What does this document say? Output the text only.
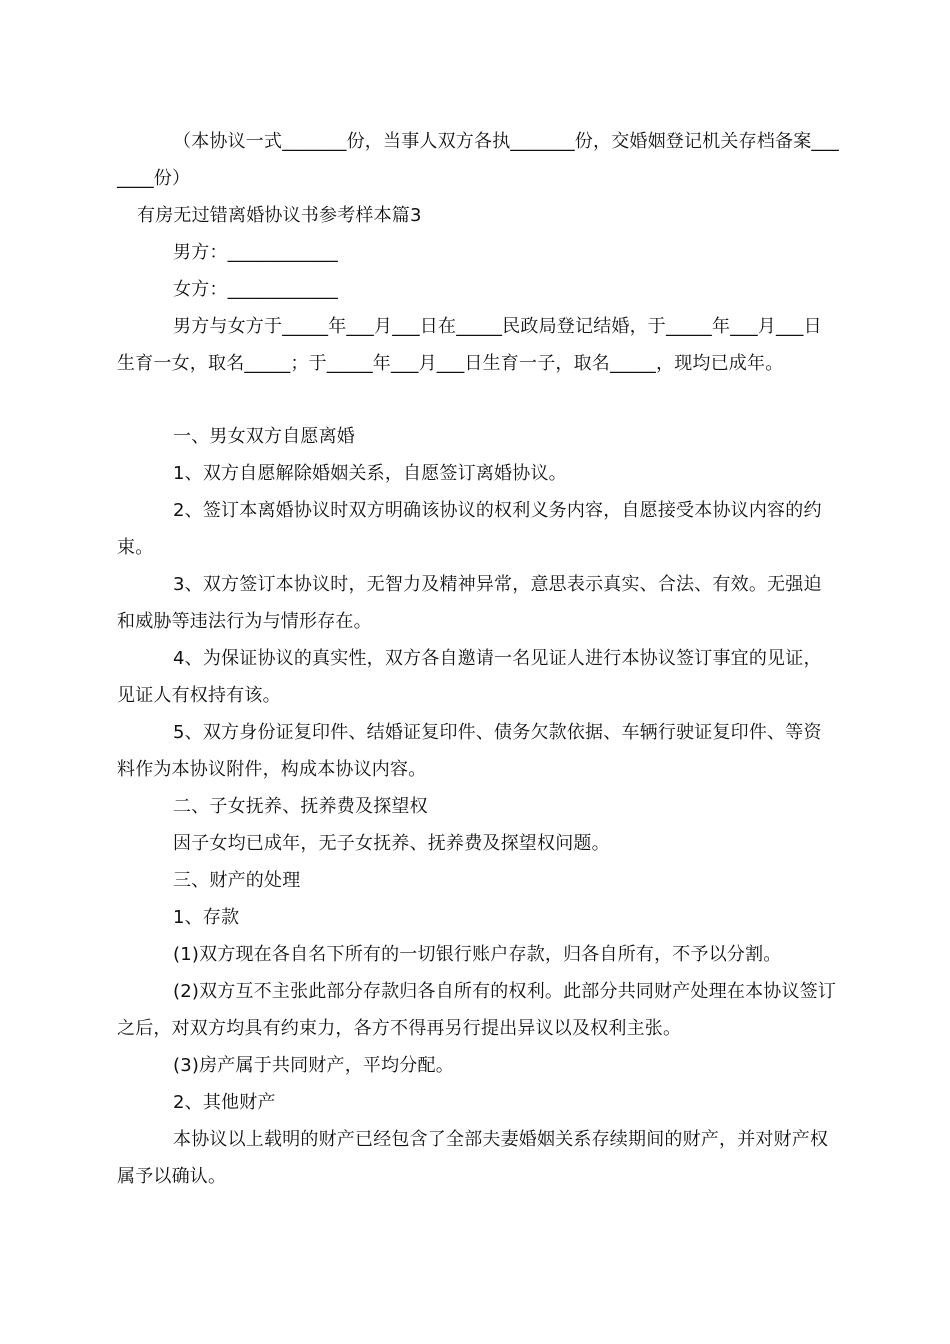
（本协议一式_______份，当事人双方各执_______份，交婚姻登记机关存档备案_______份）

有房无过错离婚协议书参考样本篇3

男方：____________

女方：____________

男方与女方于_____年___月___日在_____民政局登记结婚，于_____年___月___日生育一女，取名_____；于_____年___月___日生育一子，取名_____，现均已成年。

一、男女双方自愿离婚

1、双方自愿解除婚姻关系，自愿签订离婚协议。

2、签订本离婚协议时双方明确该协议的权利义务内容，自愿接受本协议内容的约束。

3、双方签订本协议时，无智力及精神异常，意思表示真实、合法、有效。无强迫和威胁等违法行为与情形存在。

4、为保证协议的真实性，双方各自邀请一名见证人进行本协议签订事宜的见证，见证人有权持有该。

5、双方身份证复印件、结婚证复印件、债务欠款依据、车辆行驶证复印件、等资料作为本协议附件，构成本协议内容。

二、子女抚养、抚养费及探望权

因子女均已成年，无子女抚养、抚养费及探望权问题。

三、财产的处理

1、存款

(1)双方现在各自名下所有的一切银行账户存款，归各自所有，不予以分割。

(2)双方互不主张此部分存款归各自所有的权利。此部分共同财产处理在本协议签订之后，对双方均具有约束力，各方不得再另行提出异议以及权利主张。

(3)房产属于共同财产，平均分配。

2、其他财产

本协议以上载明的财产已经包含了全部夫妻婚姻关系存续期间的财产，并对财产权属予以确认。
